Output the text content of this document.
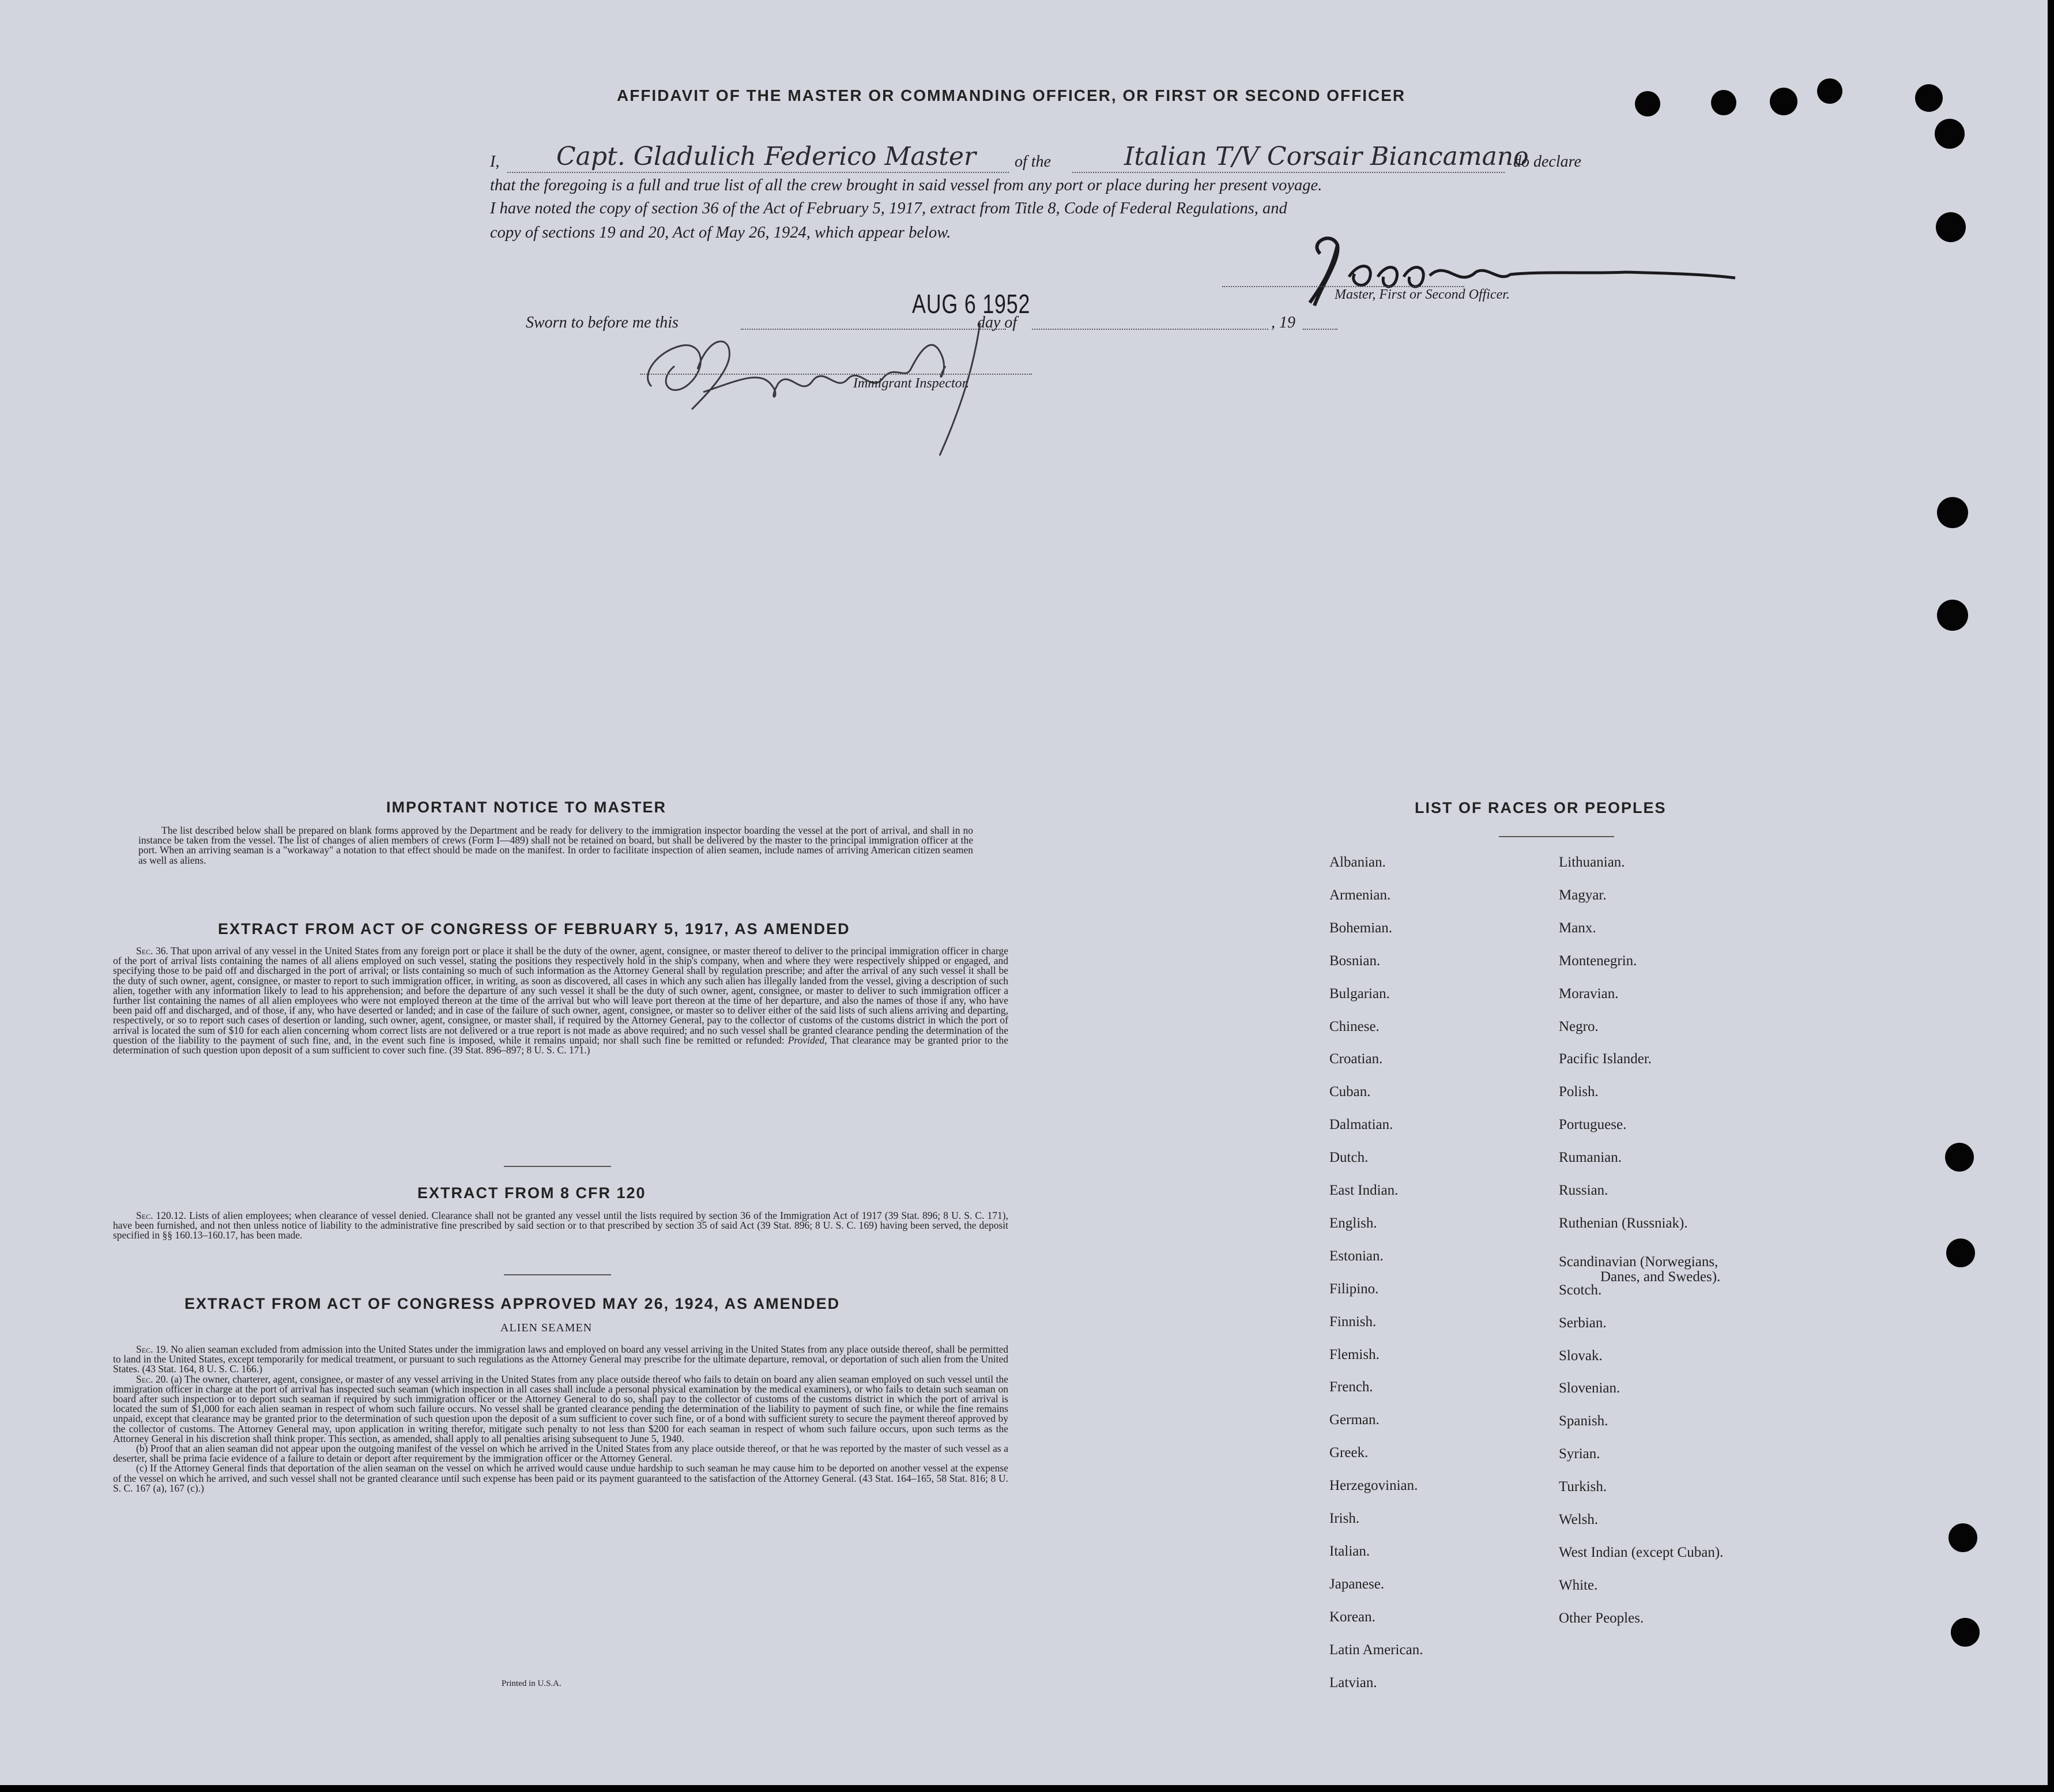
AFFIDAVIT OF THE MASTER OR COMMANDING OFFICER, OR FIRST OR SECOND OFFICER
I, Capt. Gladulich Federico Master of the	Italian T/V Corsair Biancamano
do declare
that the foregoing is a full and true list of all the crew brought in said vessel from any port or place during her present voyage.
I have noted the copy of section 36 of the Act of February 5, 1917, extract from Title 8, Code of Federal Regulations, and
copy of sections 19 and 20, Act of May 26, 1924, which appear below.
Master, First or Second Officer.
Sworn to before me this
AUG 6 1952
day of	, 19
Immigrant Inspector.
IMPORTANT NOTICE TO MASTER

The list described below shall be prepared on blank forms approved by the Department and be ready for delivery to the immigration inspector boarding the vessel at the port of arrival, and shall in no instance be taken from the vessel. The list of changes of alien members of crews (Form I—489) shall not be retained on board, but shall be delivered by the master to the principal immigration officer at the port. When an arriving seaman is a "workaway" a notation to that effect should be made on the manifest. In order to facilitate inspection of alien seamen, include names of arriving American citizen seamen as well as aliens.

EXTRACT FROM ACT OF CONGRESS OF FEBRUARY 5, 1917, AS AMENDED

Sec. 36. That upon arrival of any vessel in the United States from any foreign port or place it shall be the duty of the owner, agent, consignee, or master thereof to deliver to the principal immigration officer in charge of the port of arrival lists containing the names of all aliens employed on such vessel, stating the positions they respectively hold in the ship's company, when and where they were respectively shipped or engaged, and specifying those to be paid off and discharged in the port of arrival; or lists containing so much of such information as the Attorney General shall by regulation prescribe; and after the arrival of any such vessel it shall be the duty of such owner, agent, consignee, or master to report to such immigration officer, in writing, as soon as discovered, all cases in which any such alien has illegally landed from the vessel, giving a description of such alien, together with any information likely to lead to his apprehension; and before the departure of any such vessel it shall be the duty of such owner, agent, consignee, or master to deliver to such immigration officer a further list containing the names of all alien employees who were not employed thereon at the time of the arrival but who will leave port thereon at the time of her departure, and also the names of those if any, who have been paid off and discharged, and of those, if any, who have deserted or landed; and in case of the failure of such owner, agent, consignee, or master so to deliver either of the said lists of such aliens arriving and departing, respectively, or so to report such cases of desertion or landing, such owner, agent, consignee, or master shall, if required by the Attorney General, pay to the collector of customs of the customs district in which the port of arrival is located the sum of $10 for each alien concerning whom correct lists are not delivered or a true report is not made as above required; and no such vessel shall be granted clearance pending the determination of the question of the liability to the payment of such fine, and, in the event such fine is imposed, while it remains unpaid; nor shall such fine be remitted or refunded: Provided, That clearance may be granted prior to the determination of such question upon deposit of a sum sufficient to cover such fine. (39 Stat. 896–897; 8 U. S. C. 171.)

EXTRACT FROM 8 CFR 120

Sec. 120.12. Lists of alien employees; when clearance of vessel denied. Clearance shall not be granted any vessel until the lists required by section 36 of the Immigration Act of 1917 (39 Stat. 896; 8 U. S. C. 171), have been furnished, and not then unless notice of liability to the administrative fine prescribed by said section or to that prescribed by section 35 of said Act (39 Stat. 896; 8 U. S. C. 169) having been served, the deposit specified in §§ 160.13–160.17, has been made.

EXTRACT FROM ACT OF CONGRESS APPROVED MAY 26, 1924, AS AMENDED
ALIEN SEAMEN

Sec. 19. No alien seaman excluded from admission into the United States under the immigration laws and employed on board any vessel arriving in the United States from any place outside thereof, shall be permitted to land in the United States, except temporarily for medical treatment, or pursuant to such regulations as the Attorney General may prescribe for the ultimate departure, removal, or deportation of such alien from the United States. (43 Stat. 164, 8 U. S. C. 166.)

Sec. 20. (a) The owner, charterer, agent, consignee, or master of any vessel arriving in the United States from any place outside thereof who fails to detain on board any alien seaman employed on such vessel until the immigration officer in charge at the port of arrival has inspected such seaman (which inspection in all cases shall include a personal physical examination by the medical examiners), or who fails to detain such seaman on board after such inspection or to deport such seaman if required by such immigration officer or the Attorney General to do so, shall pay to the collector of customs of the customs district in which the port of arrival is located the sum of $1,000 for each alien seaman in respect of whom such failure occurs. No vessel shall be granted clearance pending the determination of the liability to payment of such fine, or while the fine remains unpaid, except that clearance may be granted prior to the determination of such question upon the deposit of a sum sufficient to cover such fine, or of a bond with sufficient surety to secure the payment thereof approved by the collector of customs. The Attorney General may, upon application in writing therefor, mitigate such penalty to not less than $200 for each seaman in respect of whom such failure occurs, upon such terms as the Attorney General in his discretion shall think proper. This section, as amended, shall apply to all penalties arising subsequent to June 5, 1940.

(b) Proof that an alien seaman did not appear upon the outgoing manifest of the vessel on which he arrived in the United States from any place outside thereof, or that he was reported by the master of such vessel as a deserter, shall be prima facie evidence of a failure to detain or deport after requirement by the immigration officer or the Attorney General.

(c) If the Attorney General finds that deportation of the alien seaman on the vessel on which he arrived would cause undue hardship to such seaman he may cause him to be deported on another vessel at the expense of the vessel on which he arrived, and such vessel shall not be granted clearance until such expense has been paid or its payment guaranteed to the satisfaction of the Attorney General. (43 Stat. 164–165, 58 Stat. 816; 8 U. S. C. 167 (a), 167 (c).)

Printed in U.S.A.
LIST OF RACES OR PEOPLES
Albanian.
Armenian.
Bohemian.
Bosnian.
Bulgarian.
Chinese.
Croatian.
Cuban.
Dalmatian.
Dutch.
East Indian.
English.
Estonian.
Filipino.
Finnish.
Flemish.
French.
German.
Greek.
Herzegovinian.
Irish.
Italian.
Japanese.
Korean.
Latin American.
Latvian.
Lithuanian.
Magyar.
Manx.
Montenegrin.
Moravian.
Negro.
Pacific Islander.
Polish.
Portuguese.
Rumanian.
Russian.
Ruthenian (Russniak).
Scandinavian (Norwegians,
Danes, and Swedes).
Scotch.
Serbian.
Slovak.
Slovenian.
Spanish.
Syrian.
Turkish.
Welsh.
West Indian (except Cuban).
White.
Other Peoples.
